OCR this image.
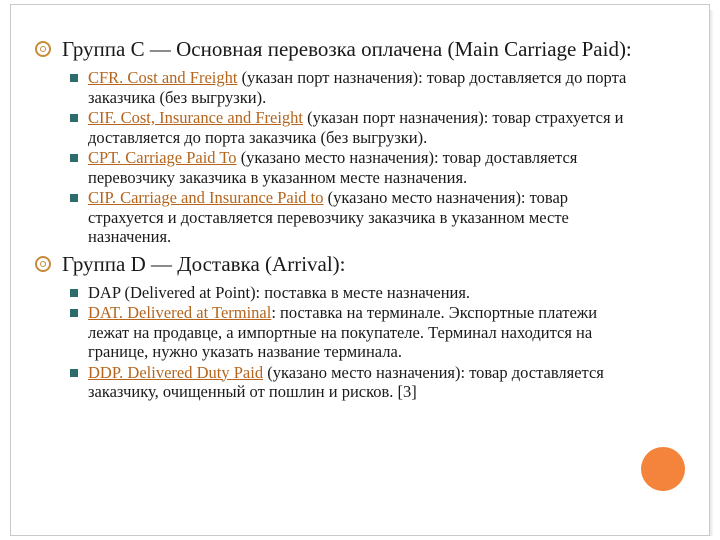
Группа С — Основная перевозка оплачена (Main Carriage Paid):
CFR. Cost and Freight (указан порт назначения): товар доставляется до порта заказчика (без выгрузки).
CIF. Cost, Insurance and Freight (указан порт назначения): товар страхуется и доставляется до порта заказчика (без выгрузки).
CPT. Carriage Paid To (указано место назначения): товар доставляется перевозчику заказчика в указанном месте назначения.
CIP. Carriage and Insurance Paid to (указано место назначения): товар страхуется и доставляется перевозчику заказчика в указанном месте назначения.
Группа D — Доставка (Arrival):
DAP (Delivered at Point): поставка в месте назначения.
DAT. Delivered at Terminal: поставка на терминале. Экспортные платежи лежат на продавце, а импортные на покупателе. Терминал находится на границе, нужно указать название терминала.
DDP. Delivered Duty Paid (указано место назначения): товар доставляется заказчику, очищенный от пошлин и рисков. [3]
